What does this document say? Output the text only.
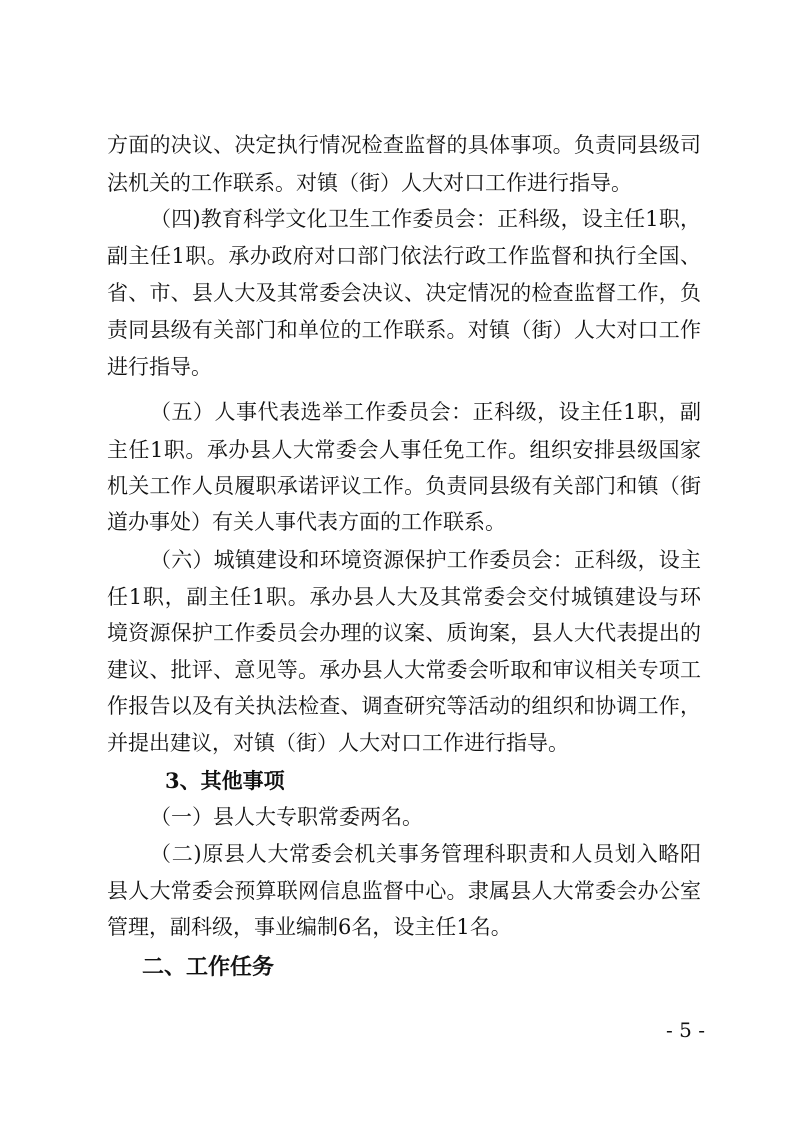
方面的决议、决定执行情况检查监督的具体事项。负责同县级司
法机关的工作联系。对镇（街）人大对口工作进行指导。
（四)教育科学文化卫生工作委员会：正科级，设主任1职，
副主任1职。承办政府对口部门依法行政工作监督和执行全国、
省、市、县人大及其常委会决议、决定情况的检查监督工作，负
责同县级有关部门和单位的工作联系。对镇（街）人大对口工作
进行指导。
（五）人事代表选举工作委员会：正科级，设主任1职，副
主任1职。承办县人大常委会人事任免工作。组织安排县级国家
机关工作人员履职承诺评议工作。负责同县级有关部门和镇（街
道办事处）有关人事代表方面的工作联系。
（六）城镇建设和环境资源保护工作委员会：正科级，设主
任1职，副主任1职。承办县人大及其常委会交付城镇建设与环
境资源保护工作委员会办理的议案、质询案，县人大代表提出的
建议、批评、意见等。承办县人大常委会听取和审议相关专项工
作报告以及有关执法检查、调查研究等活动的组织和协调工作，
并提出建议，对镇（街）人大对口工作进行指导。
3、其他事项
（一）县人大专职常委两名。
（二)原县人大常委会机关事务管理科职责和人员划入略阳
县人大常委会预算联网信息监督中心。隶属县人大常委会办公室
管理，副科级，事业编制6名，设主任1名。
二、工作任务
- 5 -
